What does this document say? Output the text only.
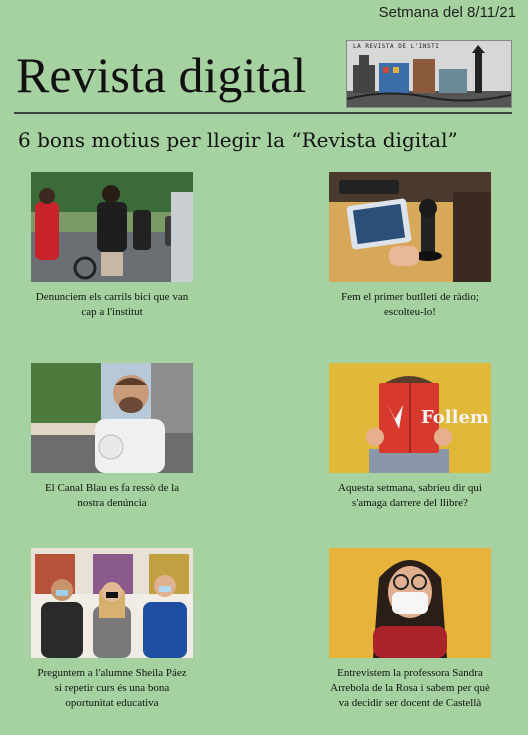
Setmana del 8/11/21
Revista digital
LA REVISTA DE L'INSTI
6 bons motius per llegir la “Revista digital”
Denunciem els carrils bici que van
cap a l'institut
Fem el primer butlletí de ràdio;
escolteu-lo!
El Canal Blau es fa ressò de la
nostra denúncia
Follem
Aquesta setmana, sabríeu dir qui
s'amaga darrere del llibre?
Preguntem a l'alumne Sheila Páez
si repetir curs és una bona
oportunitat educativa
Entrevistem la professora Sandra
Arrebola de la Rosa i sabem per què
va decidir ser docent de Castellà
